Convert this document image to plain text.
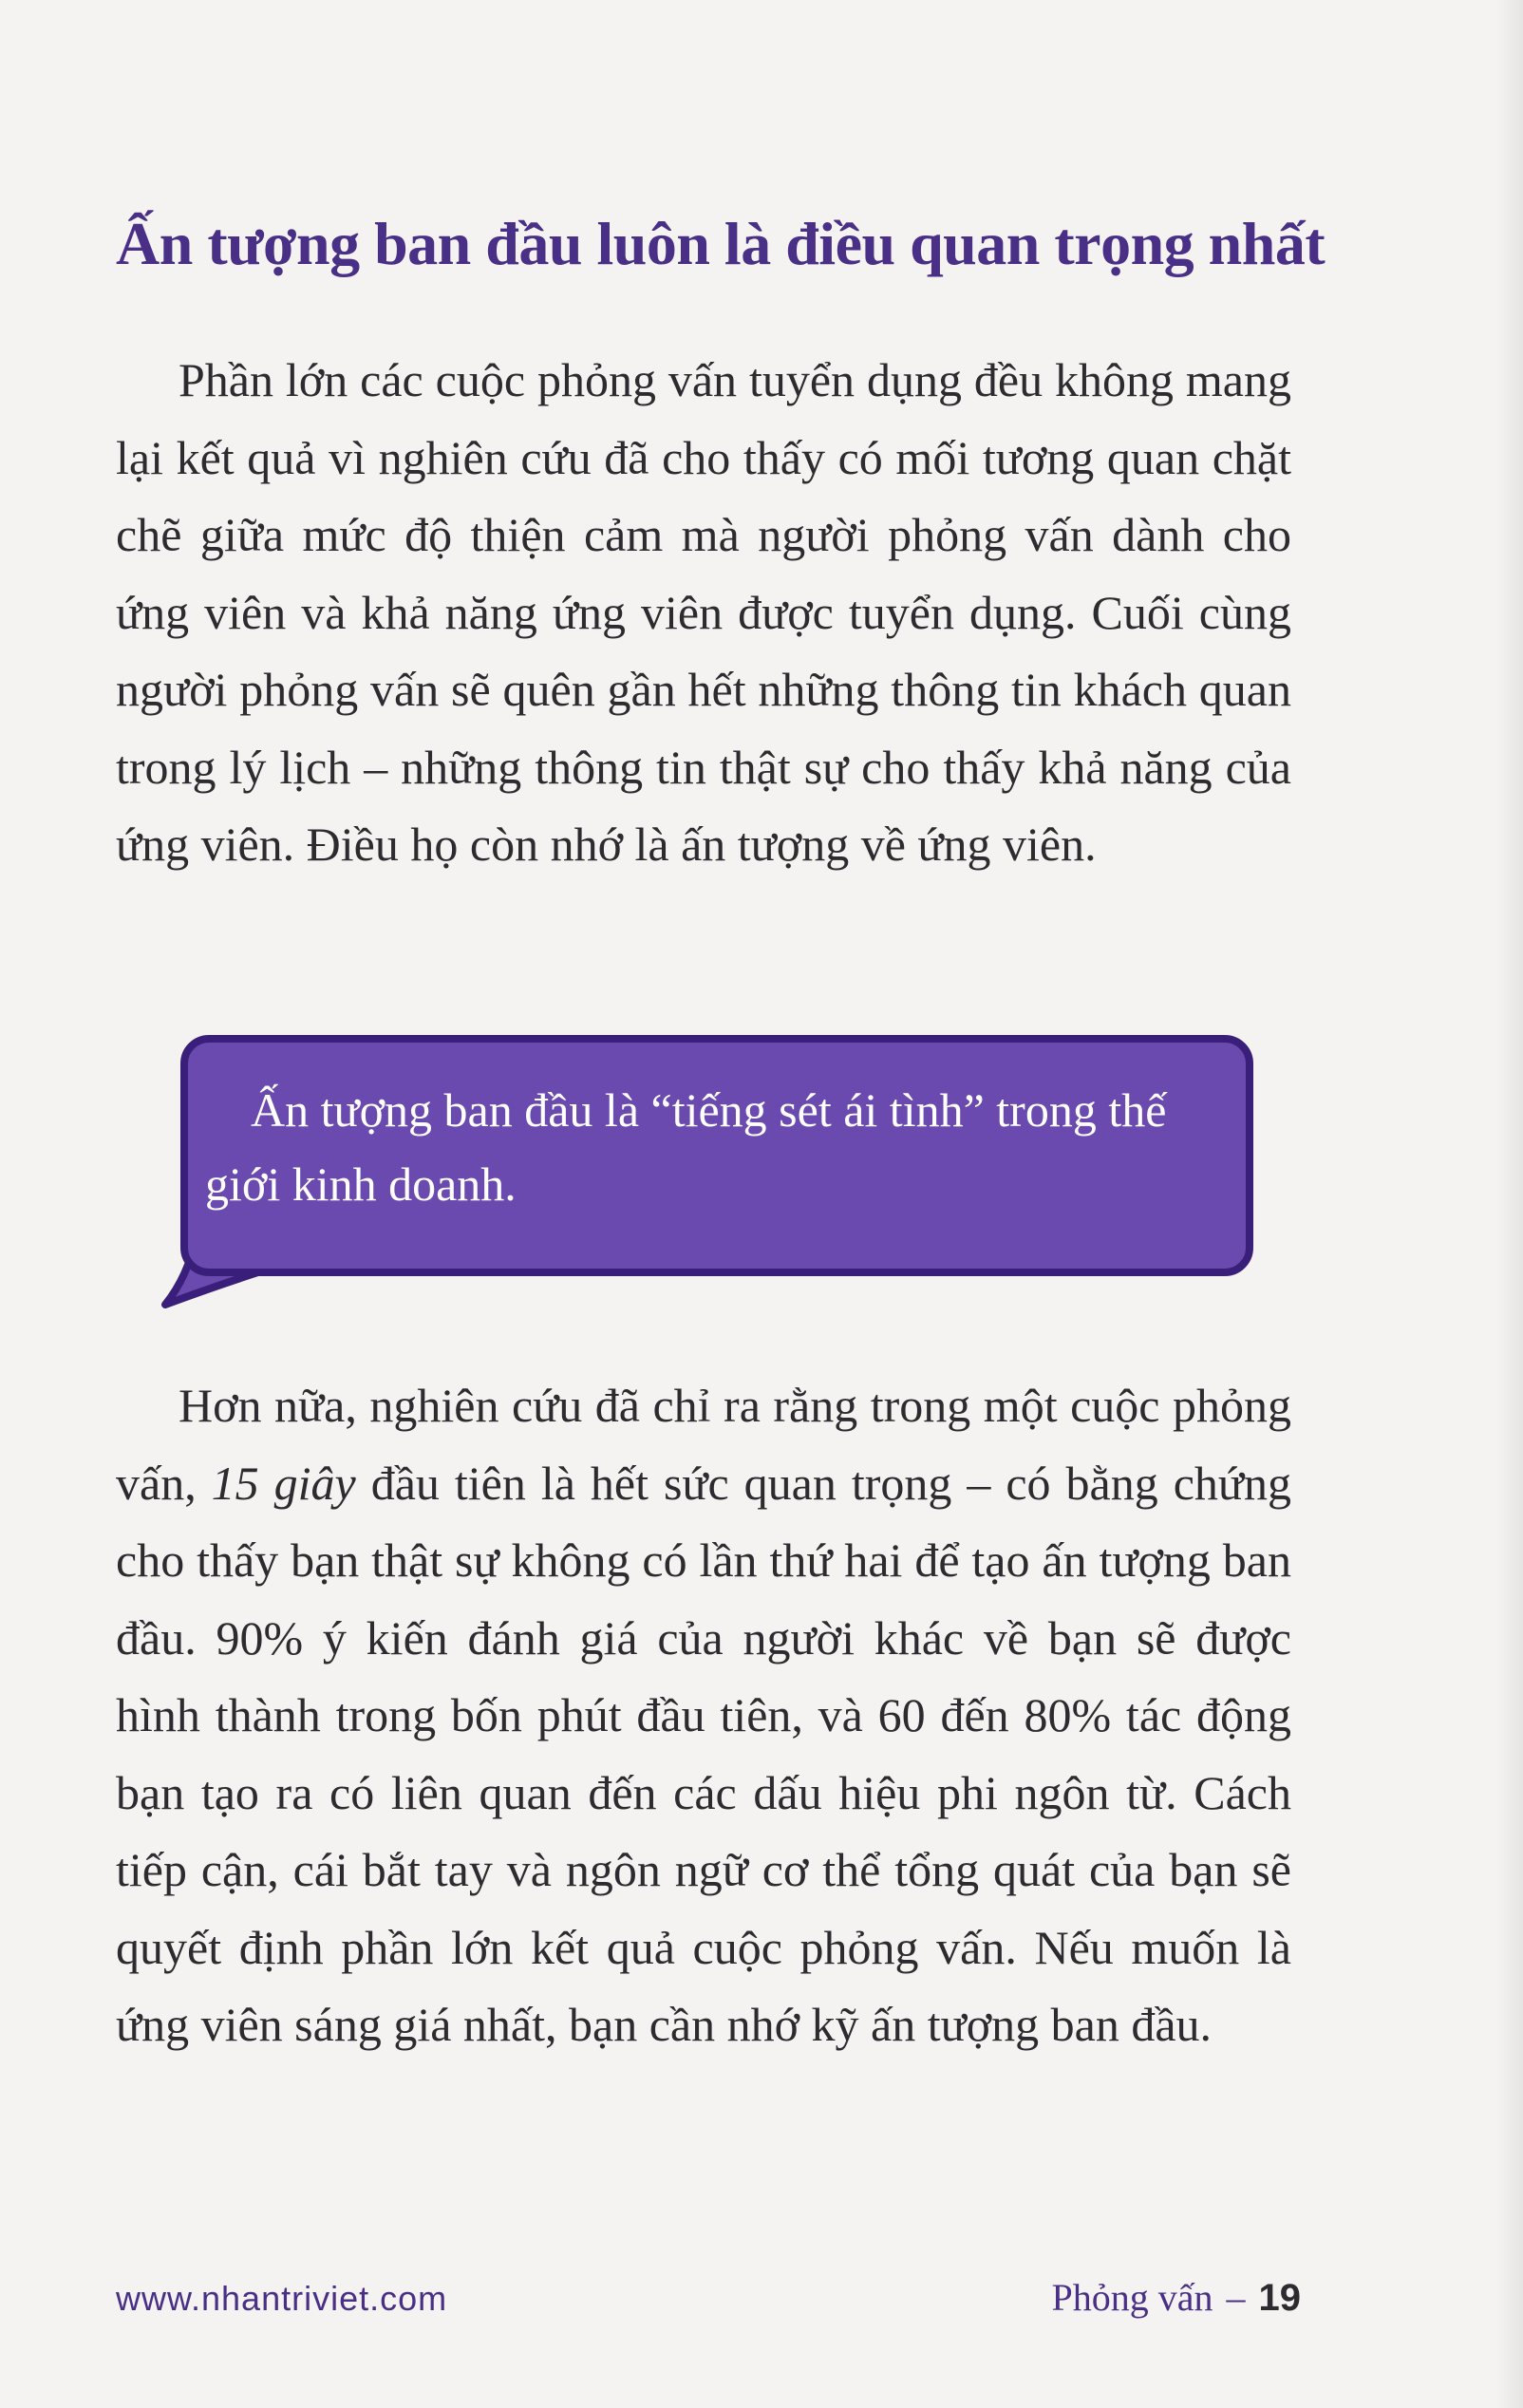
Ấn tượng ban đầu luôn là điều quan trọng nhất

Phần lớn các cuộc phỏng vấn tuyển dụng đều không mang lại kết quả vì nghiên cứu đã cho thấy có mối tương quan chặt chẽ giữa mức độ thiện cảm mà người phỏng vấn dành cho ứng viên và khả năng ứng viên được tuyển dụng. Cuối cùng người phỏng vấn sẽ quên gần hết những thông tin khách quan trong lý lịch – những thông tin thật sự cho thấy khả năng của ứng viên. Điều họ còn nhớ là ấn tượng về ứng viên.

Ấn tượng ban đầu là “tiếng sét ái tình” trong thế giới kinh doanh.

Hơn nữa, nghiên cứu đã chỉ ra rằng trong một cuộc phỏng vấn, 15 giây đầu tiên là hết sức quan trọng – có bằng chứng cho thấy bạn thật sự không có lần thứ hai để tạo ấn tượng ban đầu. 90% ý kiến đánh giá của người khác về bạn sẽ được hình thành trong bốn phút đầu tiên, và 60 đến 80% tác động bạn tạo ra có liên quan đến các dấu hiệu phi ngôn từ. Cách tiếp cận, cái bắt tay và ngôn ngữ cơ thể tổng quát của bạn sẽ quyết định phần lớn kết quả cuộc phỏng vấn. Nếu muốn là ứng viên sáng giá nhất, bạn cần nhớ kỹ ấn tượng ban đầu.

www.nhantriviet.com	Phỏng vấn – 19
